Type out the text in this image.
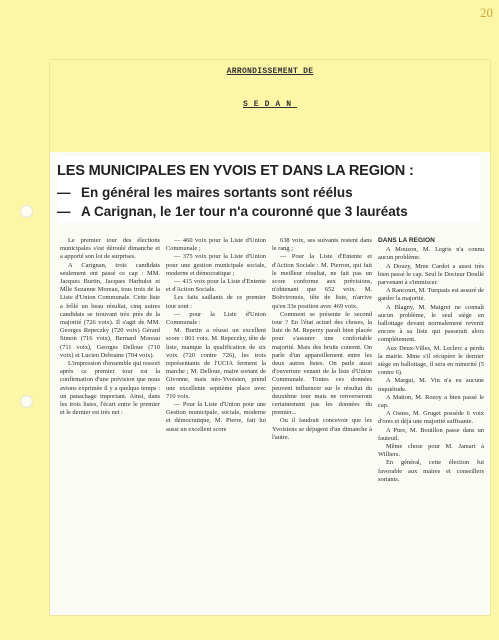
20
ARRONDISSEMENT DE
SEDAN
LES MUNICIPALES EN YVOIS ET DANS LA REGION :
— En général les maires sortants sont réélus
— A Carignan, le 1er tour n'a couronné que 3 lauréats

Le premier tour des élections municipales s'est déroulé dimanche et a apporté son lot de surprises.

A Carignan, trois candidats seulement ont passé ce cap : MM. Jacques Burtin, Jacques Harbulot et Mlle Suzanne Moreau, tous trois de la Liste d'Union Communale. Cette liste a frôlé un beau résultat, cinq autres candidats se trouvant très près de la majorité (726 voix). Il s'agit de MM. Georges Repeczky (720 voix) Gérard Simon (716 voix), Bernard Moreau (711 voix), Georges Delloue (710 voix) et Lucien Debraine (704 voix).

L'impression d'ensemble qui ressort après ce premier tour est la confirmation d'une prévision que nous avions exprimée il y a quelque temps : un panachage important. Ainsi, dans les trois listes, l'écart entre le premier et le dernier est très net :

— 460 voix pour la Liste d'Union Communale ;

— 375 voix pour la Liste d'Union pour une gestion municipale sociale, moderne et démocratique ;

— 415 voix pour la Liste d'Entente et d'Action Sociale.

Les faits saillants de ce premier tour sont :

— pour la Liste d'Union Communale :

M. Burtin a réussi un excellent score : 801 voix. M. Repeczky, tête de liste, manque la qualification de six voix (720 contre 726), les trois représentants de l'UCIA ferment la marche ; M. Delloue, maire sortant de Givonne, mais néo-Yvoisien, prend une excellente septième place avec 710 voix.

— Pour la Liste d'Union pour une Gestion municipale, sociale, moderne et démocratique, M. Pierre, fait lui aussi un excellent score

638 voix, ses suivants restent dans le rang ;

— Pour la Liste d'Entente et d'Action Sociale : M. Pierron, qui fait le meilleur résultat, ne fait pas un score conforme aux prévisions, n'obtenant que 652 voix. M. Boëvironois, tête de liste, n'arrive qu'en 33e position avec 469 voix.

Comment se présente le second tour ? En l'état actuel des choses, la liste de M. Reperzy paraît bien placée pour s'assurer une confortable majorité. Mais des bruits courent. On parle d'un appareillement entre les deux autres listes. On parle aussi d'ouverture venant de la liste d'Union Communale. Toutes ces données peuvent influencer sur le résultat du deuxième tour mais ne renverseront certainement pas les données du premier...

Ou il faudrait concevoir que les Yvoisiens se déjugent d'un dimanche à l'autre.

DANS LA REGION

A Mouzon, M. Legris n'a connu aucun problème.

A Douzy, Mme Cardot a aussi très bien passé le cap. Seul le Docteur Doullé parvenant à s'immiscer.

A Rancourt, M. Turquais est assuré de garder la majorité.

A Blagny, M. Maigret ne connaît aucun problème, le seul siège en ballottage devant normalement revenir encore à sa liste qui passerait alors complètement.

Aux Deux-Villes, M. Leclerc a perdu la mairie. Mme s'il récupère le dernier siège en ballottage, il sera en minorité (5 contre 6).

A Margut, M. Vin n'a eu aucune inquiétude.

A Matton, M. Rozoy a bien passé le cap.

A Osnes, M. Gruget possède 6 voix d'ores et déjà une majorité suffisante.

A Pure, M. Bouillon passe dans un fauteuil.

Même chose pour M. Jamart à Williers.

En général, cette élection fut favorable aux maires et conseillers sortants.
